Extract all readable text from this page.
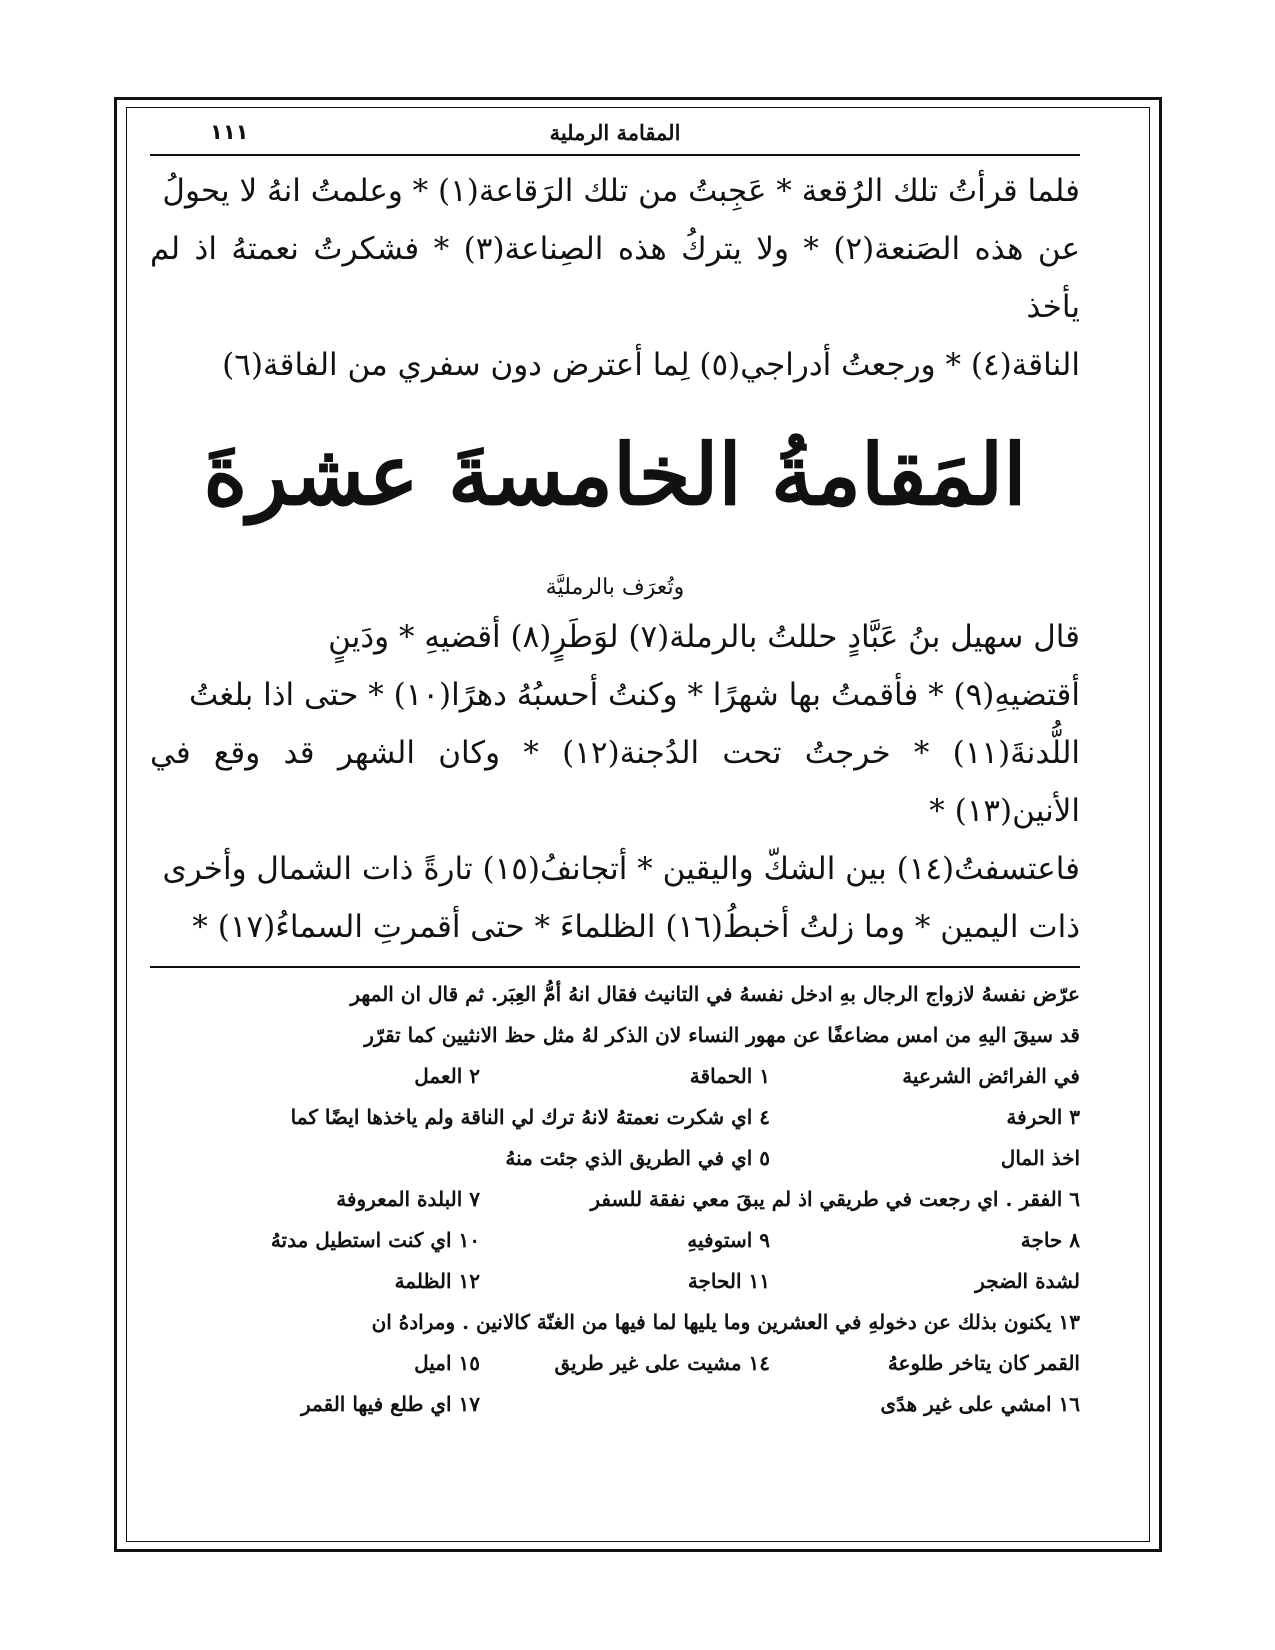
المقامة الرملية
١١١

فلما قرأتُ تلك الرُقعة * عَجِبتُ من تلك الرَقاعة(١) * وعلمتُ انهُ لا يحولُ

عن هذه الصَنعة(٢) * ولا يتركُ هذه الصِناعة(٣) * فشكرتُ نعمتهُ اذ لم يأخذ

الناقة(٤) * ورجعتُ أدراجي(٥) لِما أعترض دون سفري من الفاقة(٦)

المَقامةُ الخامسةَ عشرةَ
وتُعرَف بالرمليَّة

قال سهيل بنُ عَبَّادٍ حللتُ بالرملة(٧) لوَطَرٍ(٨) أقضيهِ * ودَينٍ

أقتضيهِ(٩) * فأقمتُ بها شهرًا * وكنتُ أحسبُهُ دهرًا(١٠) * حتى اذا بلغتُ

اللُّدنةَ(١١) * خرجتُ تحت الدُجنة(١٢) * وكان الشهر قد وقع في الأنين(١٣) *

فاعتسفتُ(١٤) بين الشكّ واليقين * أتجانفُ(١٥) تارةً ذات الشمال وأخرى

ذات اليمين * وما زلتُ أخبطُ(١٦) الظلماءَ * حتى أقمرتِ السماءُ(١٧) *

عرّض نفسهُ لازواج الرجال بهِ ادخل نفسهُ في التانيث فقال انهُ أمُّ العِبَر. ثم قال ان المهر
قد سيقَ اليهِ من امس مضاعفًا عن مهور النساء لان الذكر لهُ مثل حظ الانثيين كما تقرّر
في الفرائض الشرعية
١ الحماقة
٢ العمل
٣ الحرفة
٤ اي شكرت نعمتهُ لانهُ ترك لي الناقة ولم ياخذها ايضًا كما
اخذ المال
٥ اي في الطريق الذي جئت منهُ
٦ الفقر . اي رجعت في طريقي اذ لم يبقَ معي نفقة للسفر
٧ البلدة المعروفة
٨ حاجة
٩ استوفيهِ
١٠ اي كنت استطيل مدتهُ
لشدة الضجر
١١ الحاجة
١٢ الظلمة
١٣ يكنون بذلك عن دخولهِ في العشرين وما يليها لما فيها من الغنّة كالانين . ومرادهُ ان
القمر كان يتاخر طلوعهُ
١٤ مشيت على غير طريق
١٥ اميل
١٦ امشي على غير هدًى
١٧ اي طلع فيها القمر
